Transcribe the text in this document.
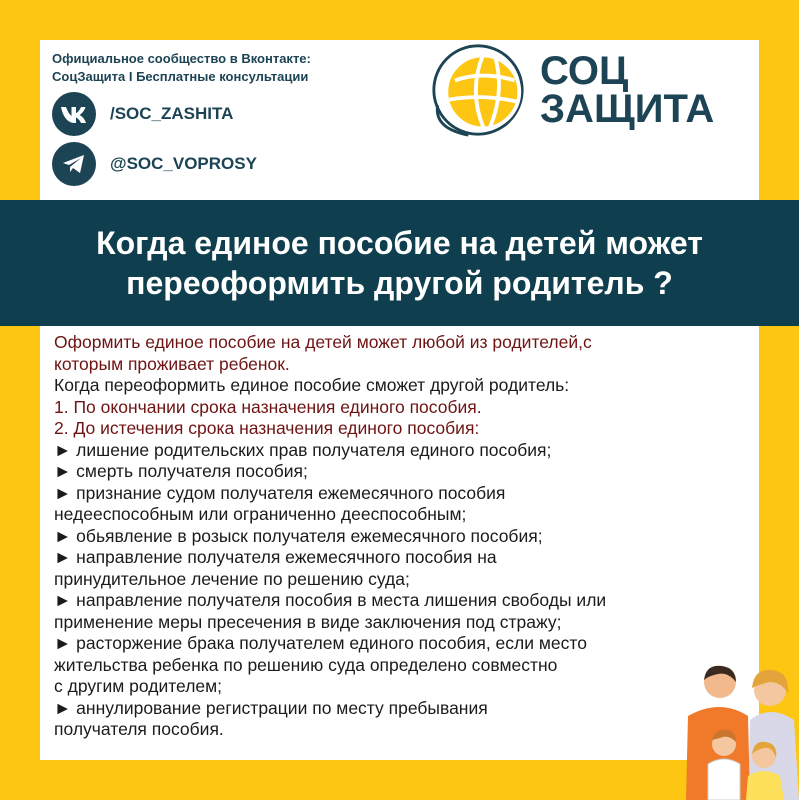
Официальное сообщество в Вконтакте:
СоцЗащита I Бесплатные консультации
/SOC_ZASHITA
@SOC_VOPROSY
СОЦ
ЗАЩИТА
Когда единое пособие на детей может
переоформить другой родитель ?
Оформить единое пособие на детей может любой из родителей,с
которым проживает ребенок.
Когда переоформить единое пособие сможет другой родитель:
1. По окончании срока назначения единого пособия.
2. До истечения срока назначения единого пособия:
► лишение родительских прав получателя единого пособия;
► смерть получателя пособия;
► признание судом получателя ежемесячного пособия
недееспособным или ограниченно дееспособным;
► обьявление в розыск получателя ежемесячного пособия;
► направление получателя ежемесячного пособия на
принудительное лечение по решению суда;
► направление получателя пособия в места лишения свободы или
применение меры пресечения в виде заключения под стражу;
► расторжение брака получателем единого пособия, если место
жительства ребенка по решению суда определено совместно
с другим родителем;
► аннулирование регистрации по месту пребывания
получателя пособия.
